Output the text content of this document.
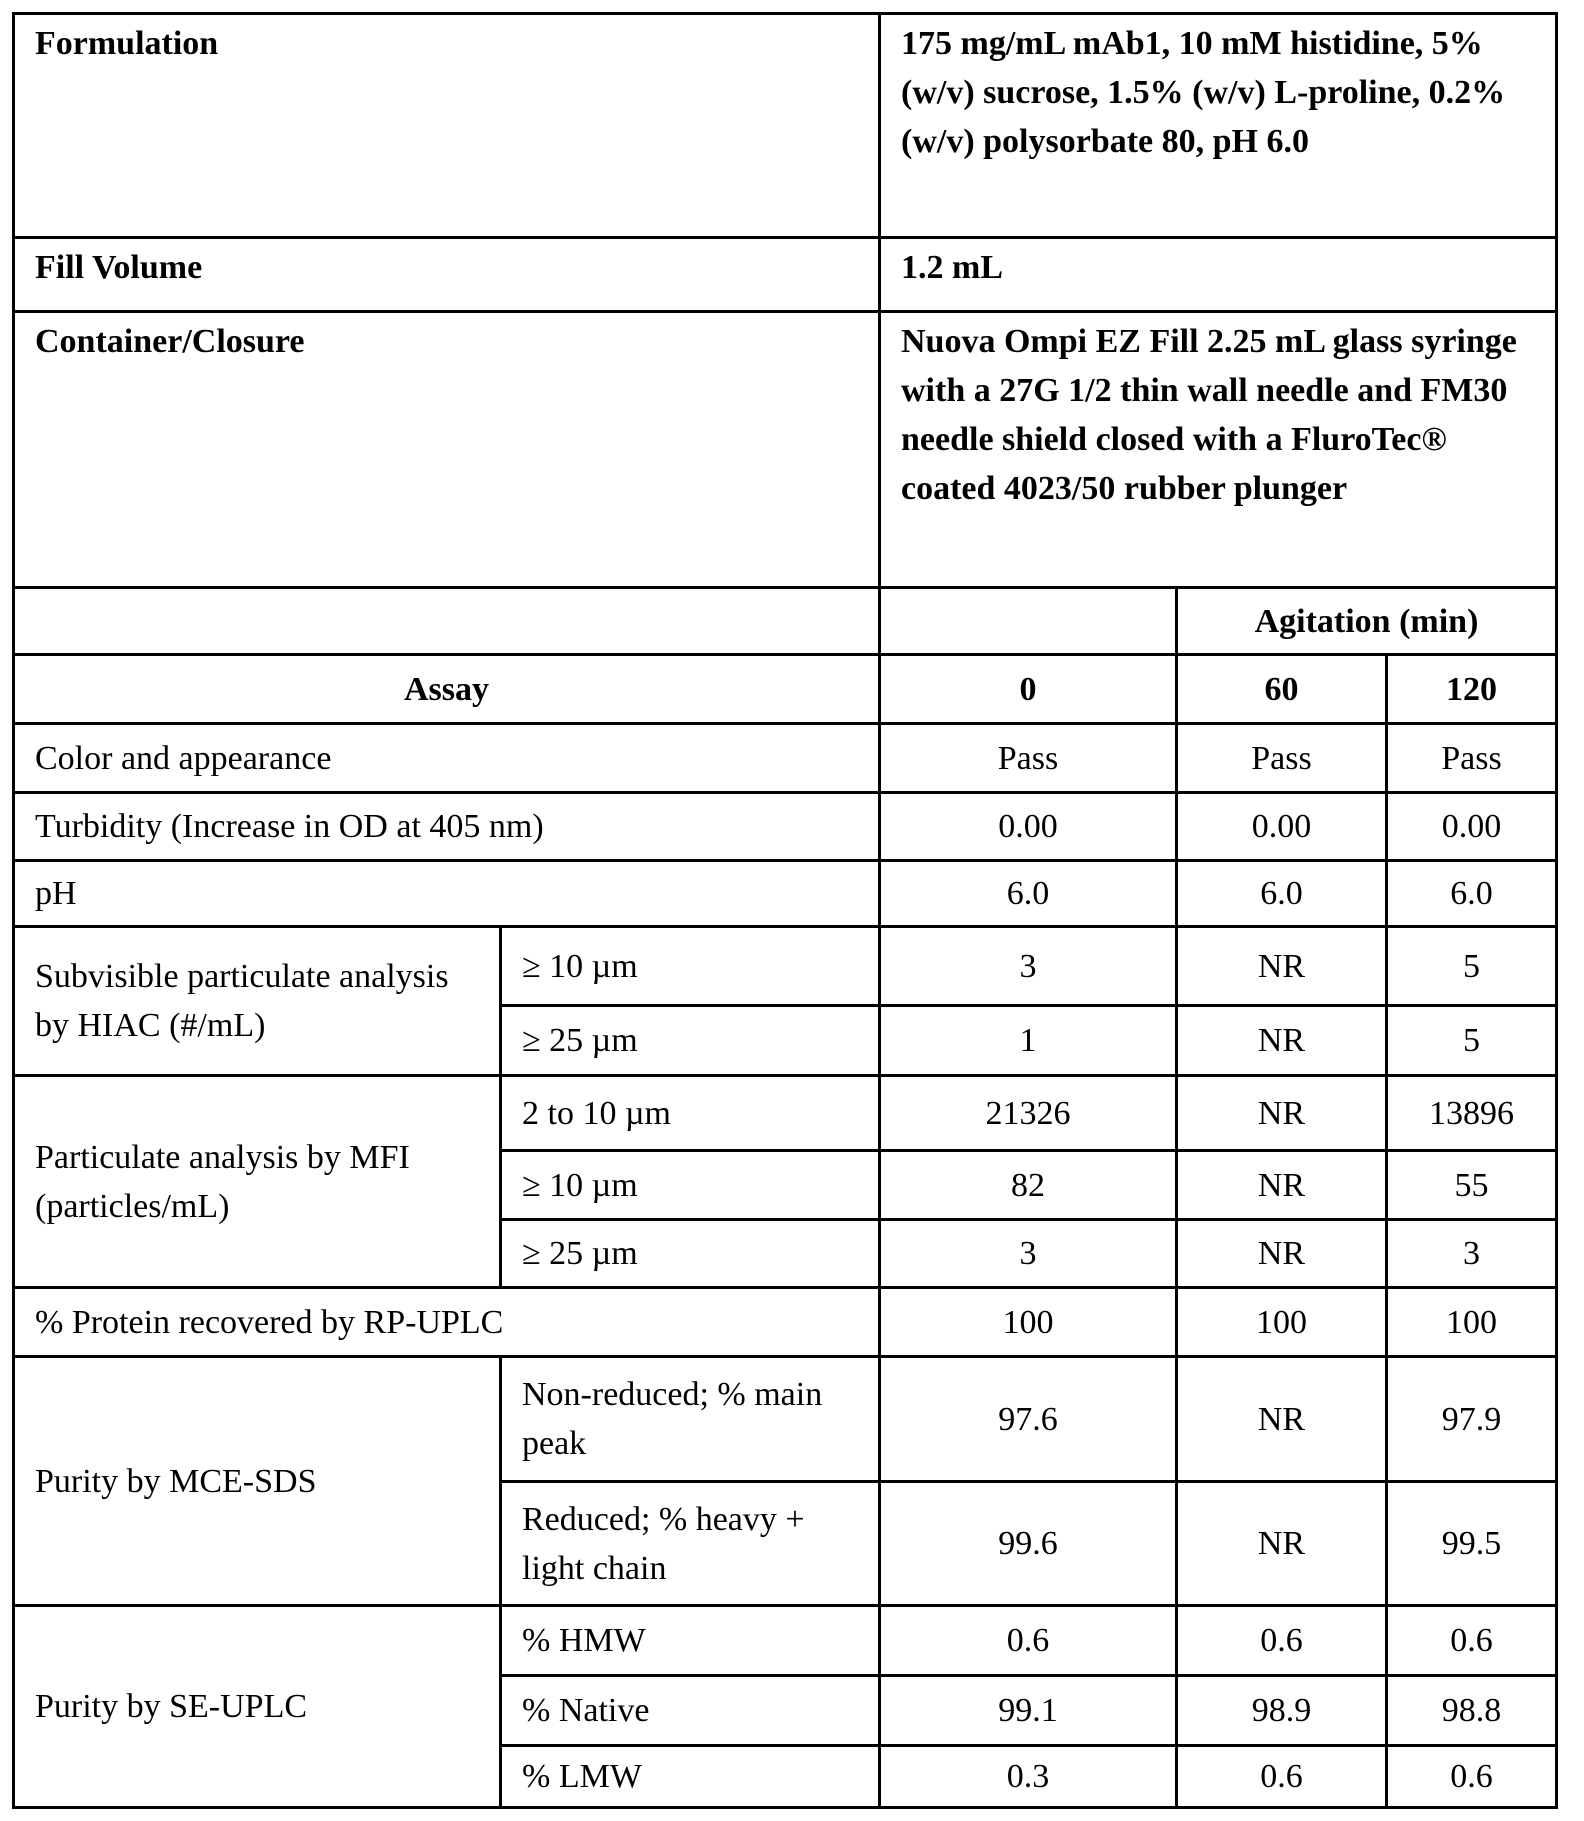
Formulation	175 mg/mL mAb1, 10 mM histidine, 5% (w/v) sucrose, 1.5% (w/v) L-proline, 0.2% (w/v) polysorbate 80, pH 6.0
Fill Volume	1.2 mL
Container/Closure	Nuova Ompi EZ Fill 2.25 mL glass syringe with a 27G 1/2 thin wall needle and FM30 needle shield closed with a FluroTec® coated 4023/50 rubber plunger
		Agitation (min)
Assay	0	60	120
Color and appearance	Pass	Pass	Pass
Turbidity (Increase in OD at 405 nm)	0.00	0.00	0.00
pH	6.0	6.0	6.0
Subvisible particulate analysis by HIAC (#/mL)	≥ 10 µm	3	NR	5
≥ 25 µm	1	NR	5
Particulate analysis by MFI (particles/mL)	2 to 10 µm	21326	NR	13896
≥ 10 µm	82	NR	55
≥ 25 µm	3	NR	3
% Protein recovered by RP-UPLC	100	100	100
Purity by MCE-SDS	Non-reduced; % main peak	97.6	NR	97.9
Reduced; % heavy + light chain	99.6	NR	99.5
Purity by SE-UPLC	% HMW	0.6	0.6	0.6
% Native	99.1	98.9	98.8
% LMW	0.3	0.6	0.6
